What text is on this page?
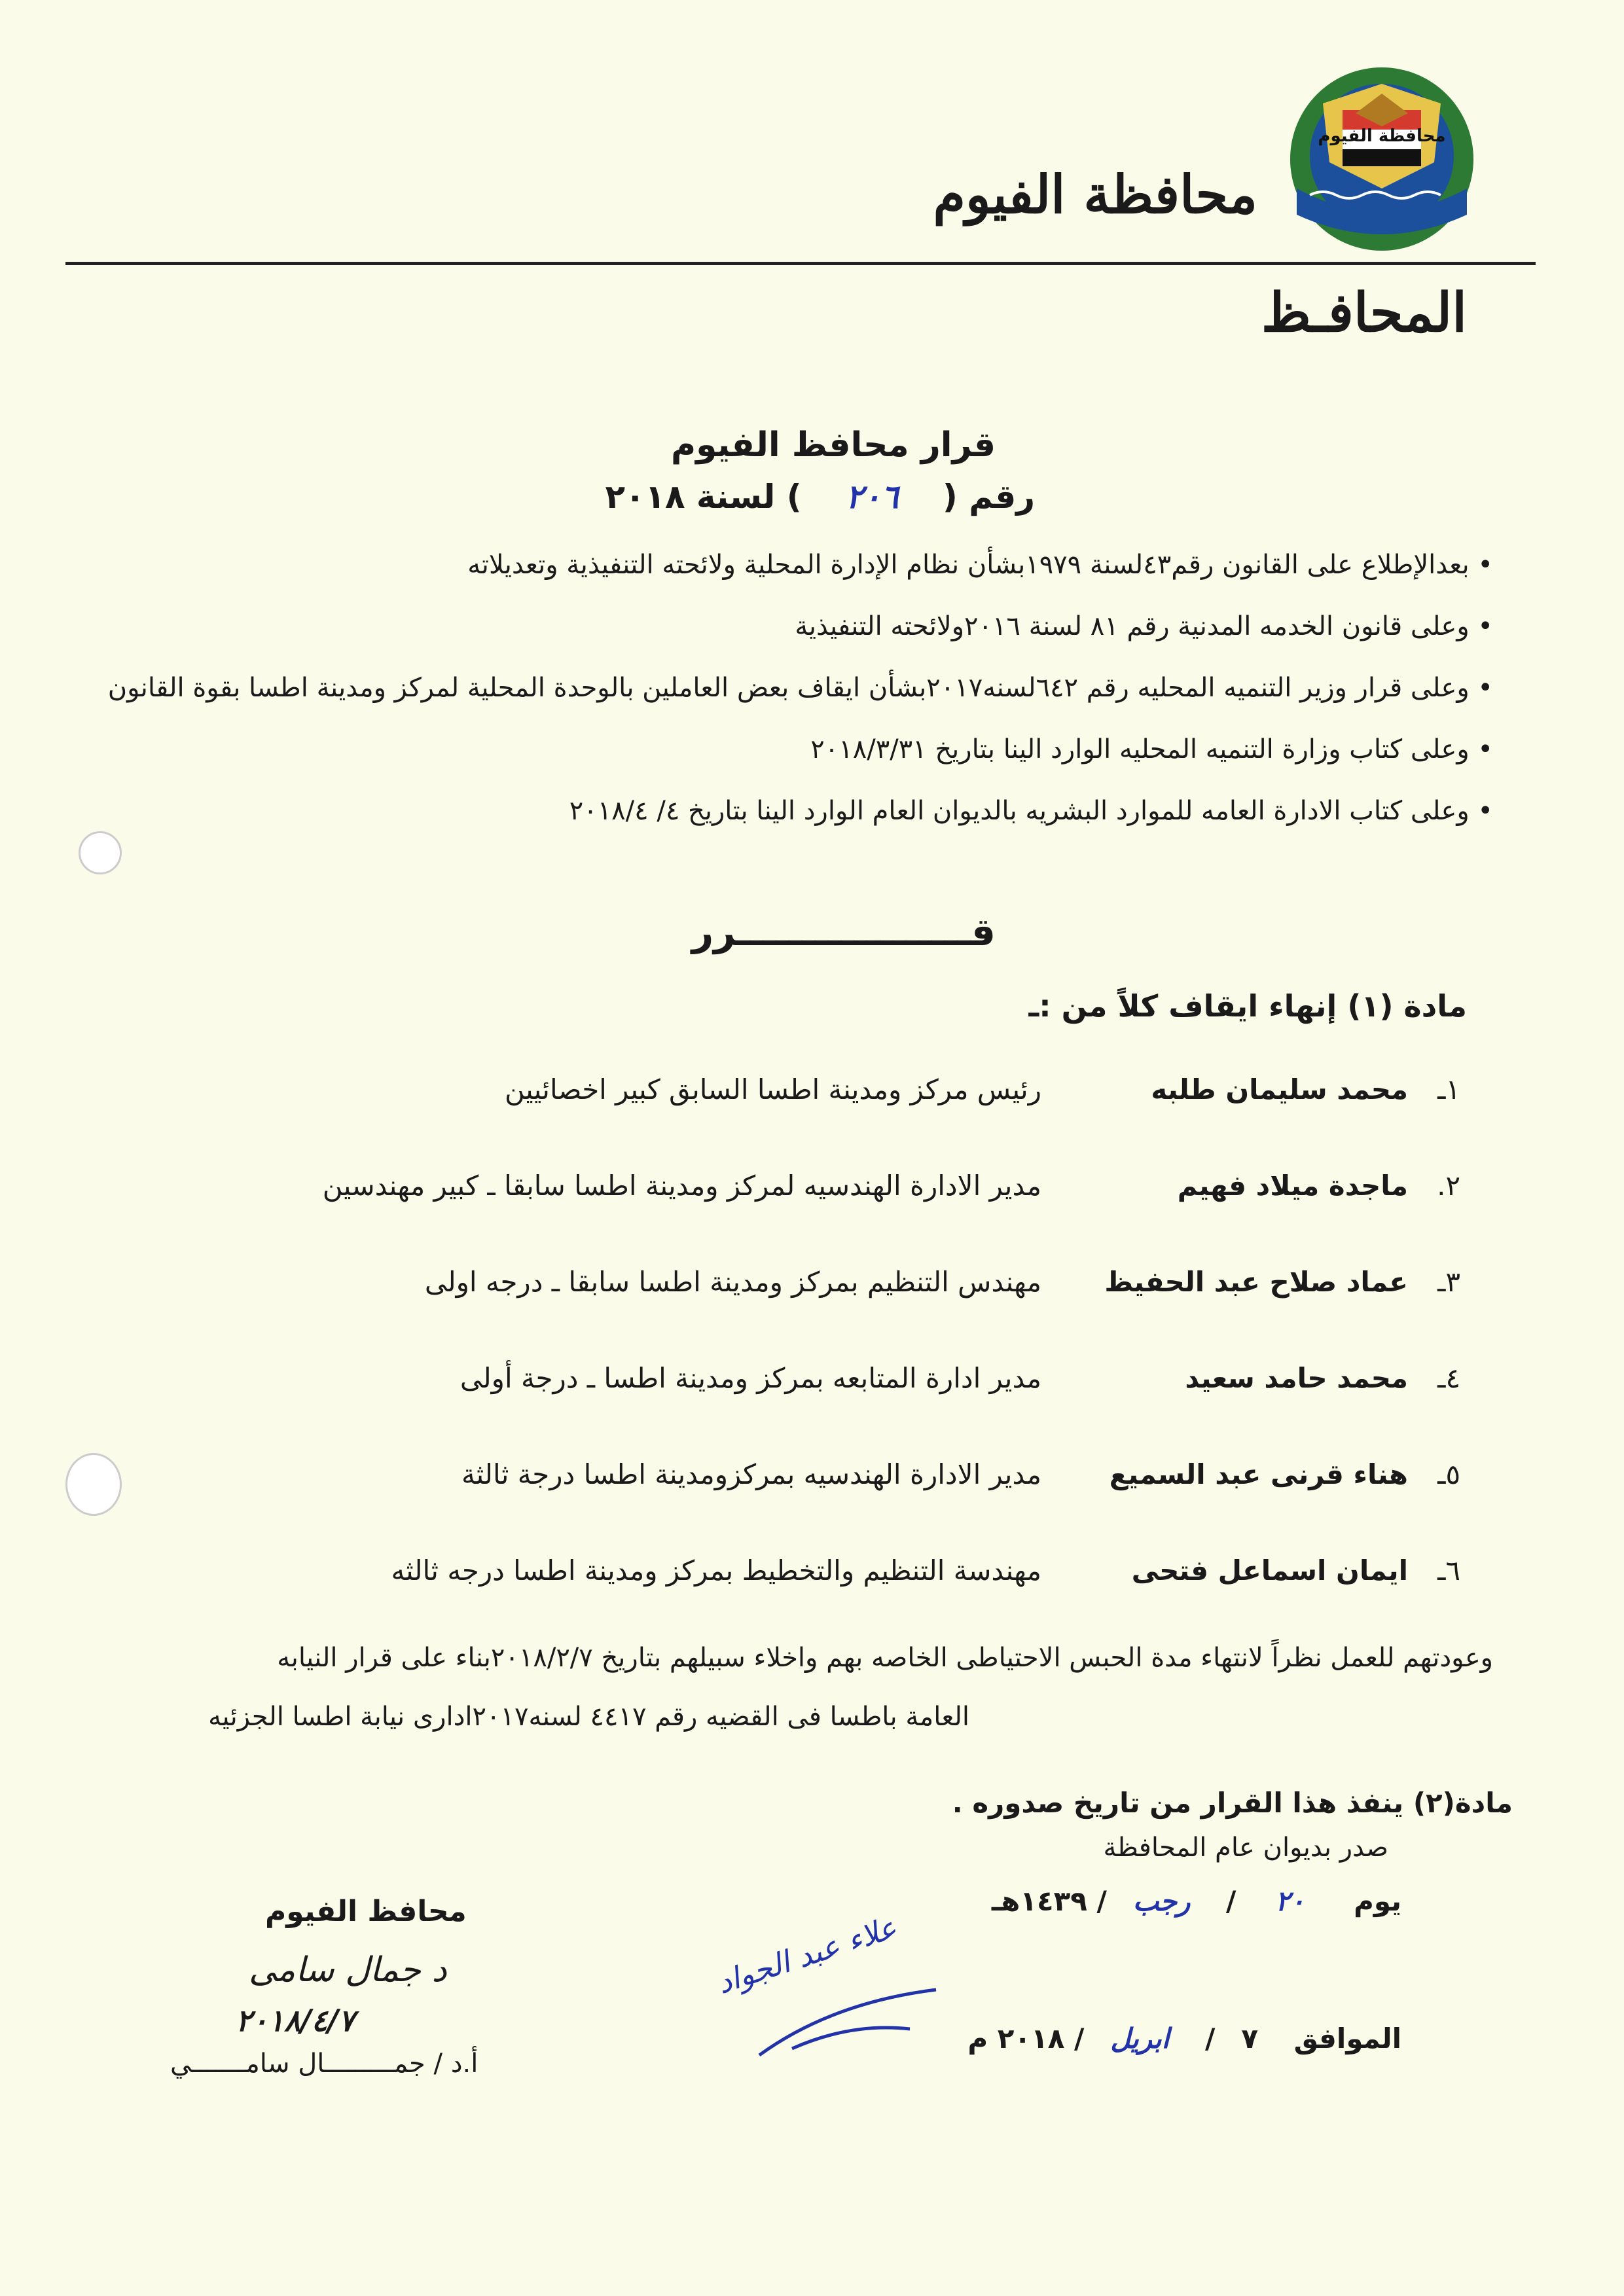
محافظة الفيوم
محافظة الفيوم
المحافـظ
قرار محافظ الفيوم
رقم ( ٢٠٦ ) لسنة ٢٠١٨
• بعدالإطلاع على القانون رقم٤٣لسنة ١٩٧٩بشأن نظام الإدارة المحلية ولائحته التنفيذية وتعديلاته
• وعلى قانون الخدمه المدنية رقم ٨١ لسنة ٢٠١٦ولائحته التنفيذية
• وعلى قرار وزير التنميه المحليه رقم ٦٤٢لسنه٢٠١٧بشأن ايقاف بعض العاملين بالوحدة المحلية لمركز ومدينة اطسا بقوة القانون
• وعلى كتاب وزارة التنميه المحليه الوارد الينا بتاريخ ٢٠١٨/٣/٣١
• وعلى كتاب الادارة العامه للموارد البشريه بالديوان العام الوارد الينا بتاريخ ٤/ ٢٠١٨/٤
قــــــــــــــــــرر
مادة (١) إنهاء ايقاف كلاً من :ـ
١ـ
محمد سليمان طلبه
رئيس مركز ومدينة اطسا السابق كبير اخصائيين
٢.
ماجدة ميلاد فهيم
مدير الادارة الهندسيه لمركز ومدينة اطسا سابقا ـ كبير مهندسين
٣ـ
عماد صلاح عبد الحفيظ
مهندس التنظيم بمركز ومدينة اطسا سابقا ـ درجه اولى
٤ـ
محمد حامد سعيد
مدير ادارة المتابعه بمركز ومدينة اطسا ـ درجة أولى
٥ـ
هناء قرنى عبد السميع
مدير الادارة الهندسيه بمركزومدينة اطسا درجة ثالثة
٦ـ
ايمان اسماعل فتحى
مهندسة التنظيم والتخطيط بمركز ومدينة اطسا درجه ثالثه
وعودتهم للعمل نظراً لانتهاء مدة الحبس الاحتياطى الخاصه بهم واخلاء سبيلهم بتاريخ ٢٠١٨/٢/٧بناء على قرار النيابه
العامة باطسا فى القضيه رقم ٤٤١٧ لسنه٢٠١٧ادارى نيابة اطسا الجزئيه
مادة(٢) ينفذ هذا القرار من تاريخ صدوره .
صدر بديوان عام المحافظة
يوم ٢٠/ رجب/ ١٤٣٩هـ
الموافق ٧/ ابريل/ ٢٠١٨ م
علاء عبد الجواد
محافظ الفيوم
د جمال سامى
٢٠١٨/٤/٧
أ.د / جمـــــــــال سامـــــــي
